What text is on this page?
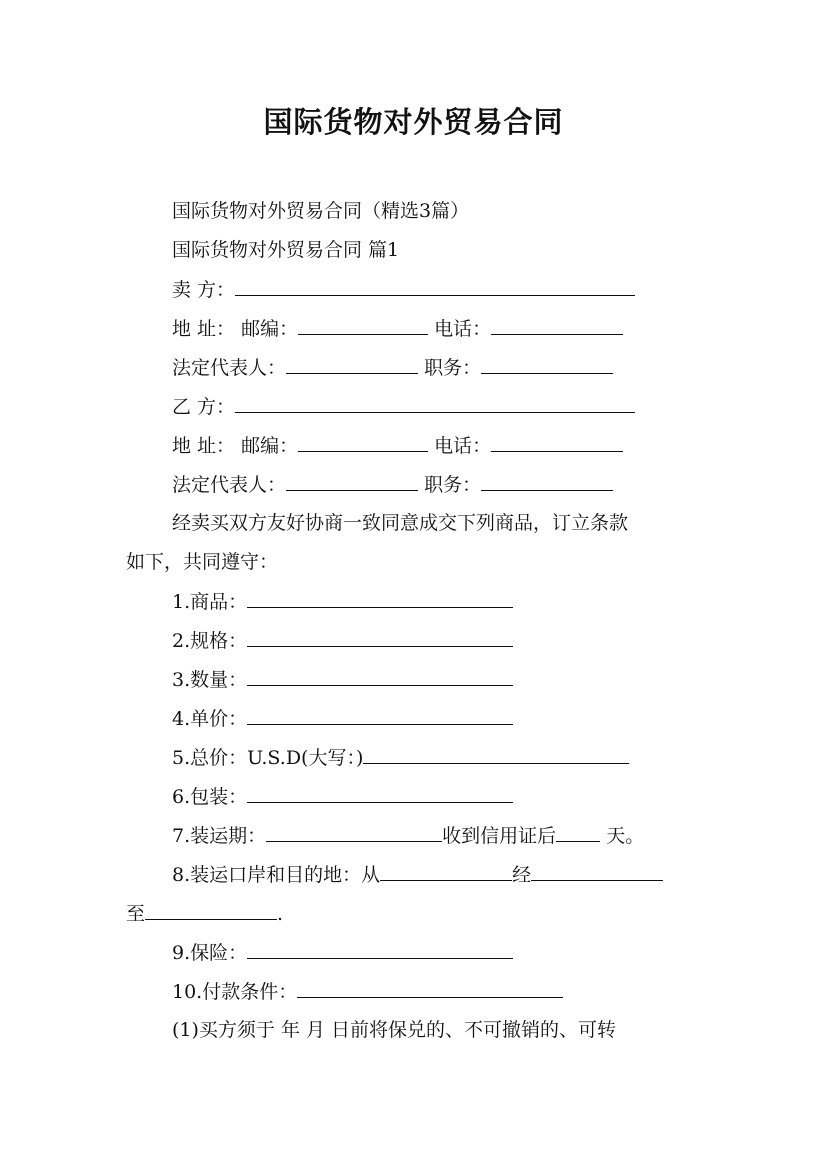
国际货物对外贸易合同
国际货物对外贸易合同（精选3篇）
国际货物对外贸易合同 篇1
卖 方：
地 址： 邮编：	电话：
法定代表人：	职务：
乙 方：
地 址： 邮编：	电话：
法定代表人：	职务：
经卖买双方友好协商一致同意成交下列商品，订立条款
如下，共同遵守：
1.商品：
2.规格：
3.数量：
4.单价：
5.总价：U.S.D(大写：)
6.包装：
7.装运期：	收到信用证后	天。
8.装运口岸和目的地：从	经
至	.
9.保险：
10.付款条件：
(1)买方须于 年 月 日前将保兑的、不可撤销的、可转
